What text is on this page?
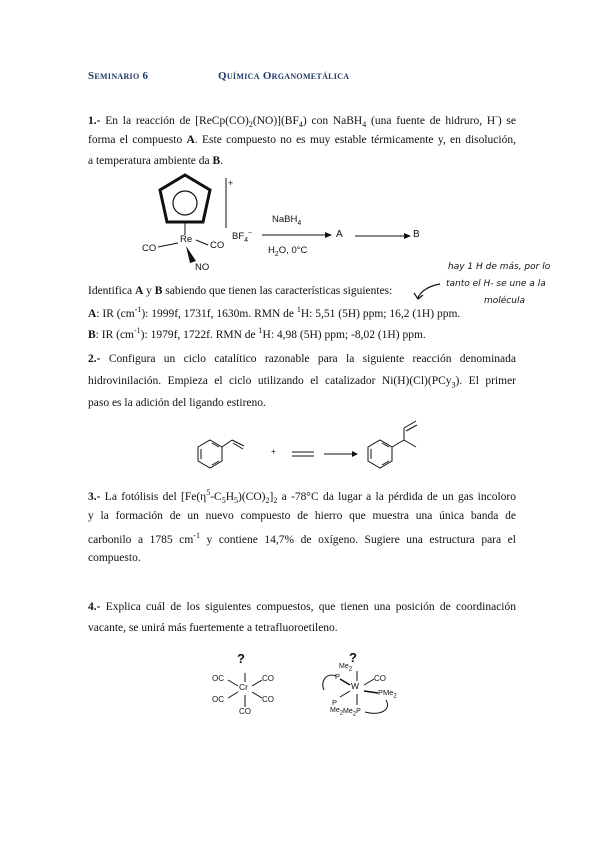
Seminario 6	Química Organometálica
1.- En la reacción de $[ReCp(CO)_2(NO)](BF_4)$ con NaBH$_4$ (una fuente de hidruro, H-) se
forma el compuesto A. Este compuesto no es muy estable térmicamente y, en disolución,
a temperatura ambiente da B.
+
Re
CO
CO
NO
$BF_4^-$
NaBH$_4$
$H_2O$, 0°C
A	B
hay 1 H de más, por lo
tanto el H- se une a la
molécula
Identifica A y B sabiendo que tienen las características siguientes:
A: IR $(cm^{-1})$: 1999f, 1731f, 1630m. RMN de $^1$H: 5,51 (5H) ppm; 16,2 (1H) ppm.
B: IR $(cm^{-1})$: 1979f, 1722f. RMN de $^1$H: 4,98 (5H) ppm; -8,02 (1H) ppm.
2.- Configura un ciclo catalítico razonable para la siguiente reacción denominada
hidrovinilación. Empieza el ciclo utilizando el catalizador Ni(H)(Cl)(PCy$_3$). El primer
paso es la adición del ligando estireno.
+
3.- La fotólisis del $[Fe(\eta^5-C_5H_5)(CO)_2]_2$ a -78°C da lugar a la pérdida de un gas incoloro
y la formación de un nuevo compuesto de hierro que muestra una única banda de
carbonilo a 1785 $cm^{-1}$ y contiene 14,7% de oxígeno. Sugiere una estructura para el
compuesto.
4.- Explica cuál de los siguientes compuestos, que tienen una posición de coordinación
vacante, se unirá más fuertemente a tetrafluoroetileno.
?
Cr
OC	CO
OC	CO
CO
?
W
CO
$Me_2$
P
PMe$_2$
P
$Me_2$ $Me_2P$
